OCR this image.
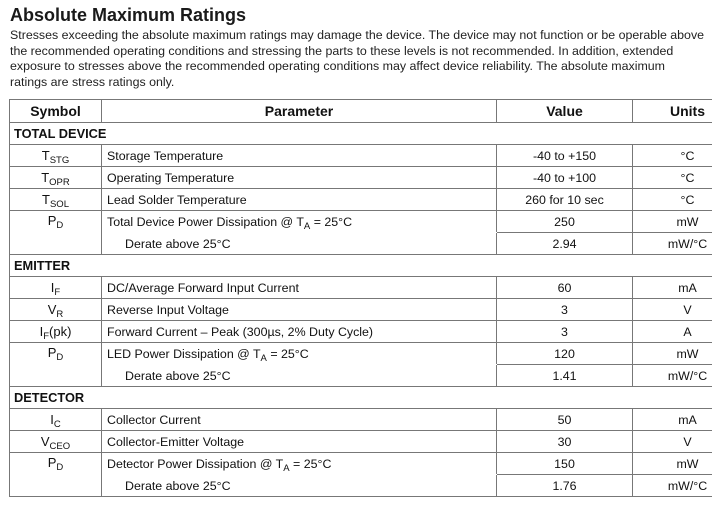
Absolute Maximum Ratings
Stresses exceeding the absolute maximum ratings may damage the device. The device may not function or be operable above the recommended operating conditions and stressing the parts to these levels is not recommended. In addition, extended exposure to stresses above the recommended operating conditions may affect device reliability. The absolute maximum ratings are stress ratings only.
Symbol	Parameter	Value	Units
TOTAL DEVICE			
$T_{STG}$	Storage Temperature	-40 to +150	°C
$T_{OPR}$	Operating Temperature	-40 to +100	°C
$T_{SOL}$	Lead Solder Temperature	260 for 10 sec	°C
$P_D$	Total Device Power Dissipation @ $T_A = 25^\circ C$	250	mW
	Derate above 25°C	2.94	mW/°C
EMITTER			
$I_F$	DC/Average Forward Input Current	60	mA
$V_R$	Reverse Input Voltage	3	V
$I_F(pk)$	Forward Current – Peak (300µs, 2% Duty Cycle)	3	A
$P_D$	LED Power Dissipation @ $T_A = 25^\circ C$	120	mW
	Derate above 25°C	1.41	mW/°C
DETECTOR			
$I_C$	Collector Current	50	mA
$V_{CEO}$	Collector-Emitter Voltage	30	V
$P_D$	Detector Power Dissipation @ $T_A = 25^\circ C$	150	mW
	Derate above 25°C	1.76	mW/°C
